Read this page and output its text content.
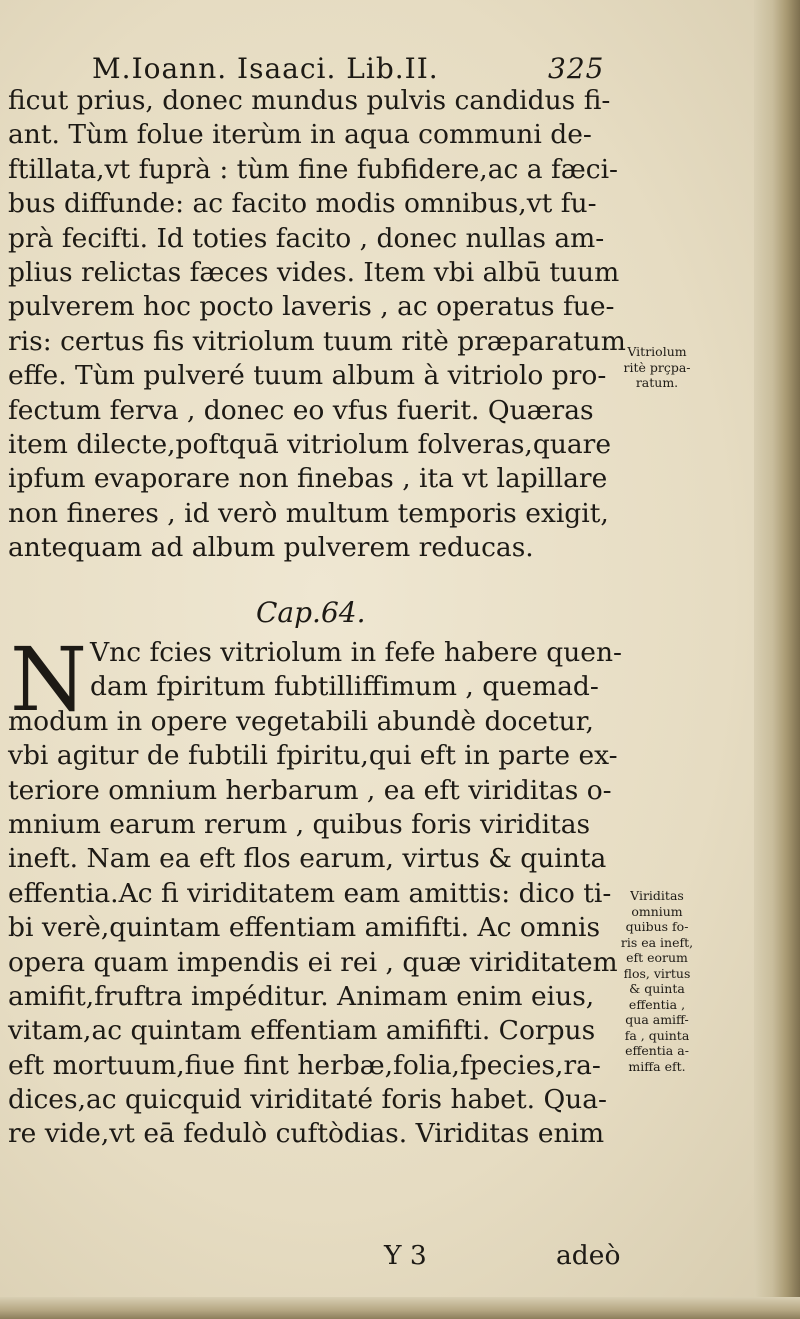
M.Ioann. Isaaci. Lib.II.	325
ficut prius, donec mundus pulvis candidus fi-
ant. Tùm folue iterùm in aqua communi de-
ftillata,vt fuprà : tùm fine fubfidere,ac a fæci-
bus diffunde: ac facito modis omnibus,vt fu-
prà fecifti. Id toties facito , donec nullas am-
plius relictas fæces vides. Item vbi albū tuum
pulverem hoc pocto laveris , ac operatus fue-
ris: certus fis vitriolum tuum ritè præparatum
effe. Tùm pulveré tuum album à vitriolo pro-
fectum ferva , donec eo vfus fuerit. Quæras
item dilecte,poftquā vitriolum folveras,quare
ipfum evaporare non finebas , ita vt lapillare
non fineres , id verò multum temporis exigit,
antequam ad album pulverem reducas.
Vitriolum
ritè prçpa-
ratum.
Cap.64.
N Vnc fcies vitriolum in fefe habere quen-
dam fpiritum fubtilliffimum , quemad-
modum in opere vegetabili abundè docetur,
vbi agitur de fubtili fpiritu,qui eft in parte ex-
teriore omnium herbarum , ea eft viriditas o-
mnium earum rerum , quibus foris viriditas
ineft. Nam ea eft flos earum, virtus & quinta
effentia.Ac fi viriditatem eam amittis: dico ti-
bi verè,quintam effentiam amififti. Ac omnis
opera quam impendis ei rei , quæ viriditatem
amifit,fruftra impéditur. Animam enim eius,
vitam,ac quintam effentiam amififti. Corpus
eft mortuum,fiue fint herbæ,folia,fpecies,ra-
dices,ac quicquid viriditaté foris habet. Qua-
re vide,vt eā fedulò cuftòdias. Viriditas enim
Viriditas
omnium
quibus fo-
ris ea ineft,
eft eorum
flos, virtus
& quinta
effentia ,
qua amiff-
fa , quinta
effentia a-
miffa eft.
Y 3	adeò
